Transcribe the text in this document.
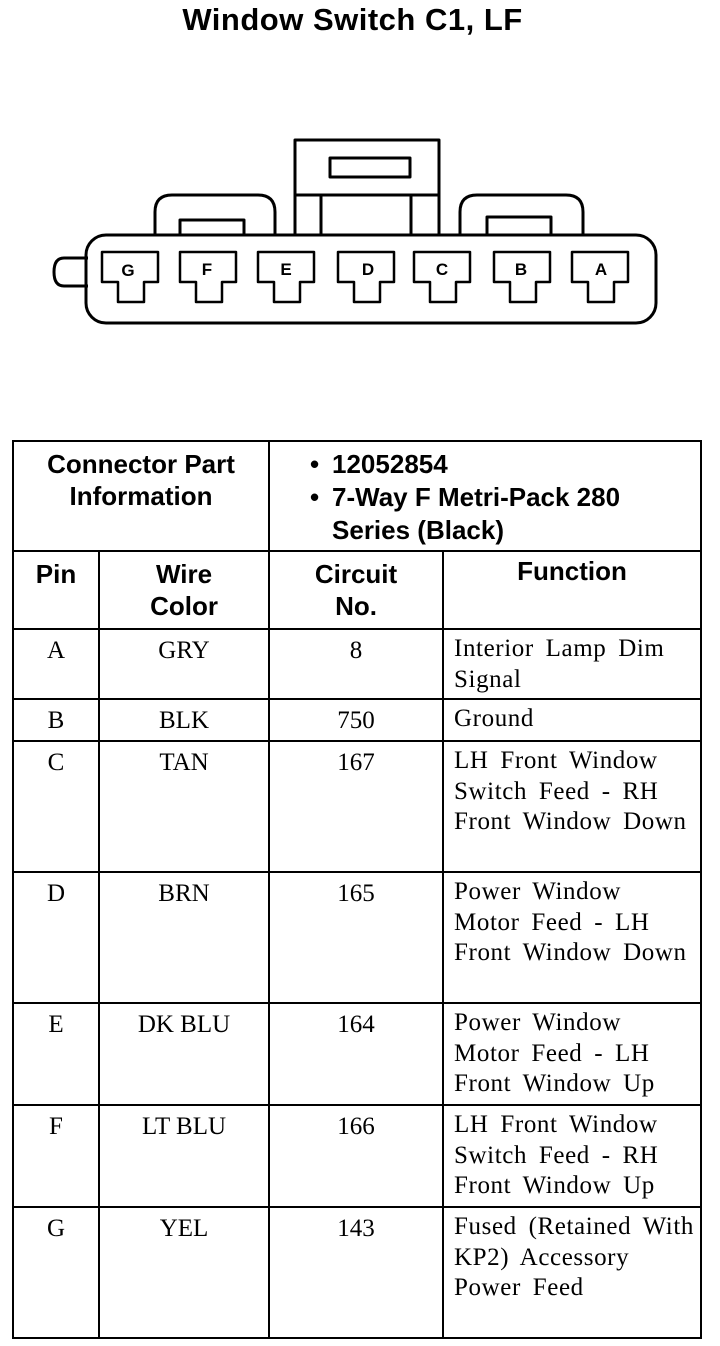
Window Switch C1, LF
G	F	E	D	C	B	A
Connector Part Information		• 12052854
• 7-Way F Metri-Pack 280 Series (Black)

Pin	Wire Color	Circuit No.	Function
A	GRY	8	Interior Lamp Dim Signal
B	BLK	750	Ground
C	TAN	167	LH Front Window Switch Feed - RH Front Window Down
D	BRN	165	Power Window Motor Feed - LH Front Window Down
E	DK BLU	164	Power Window Motor Feed - LH Front Window Up
F	LT BLU	166	LH Front Window Switch Feed - RH Front Window Up
G	YEL	143	Fused (Retained With KP2) Accessory Power Feed
